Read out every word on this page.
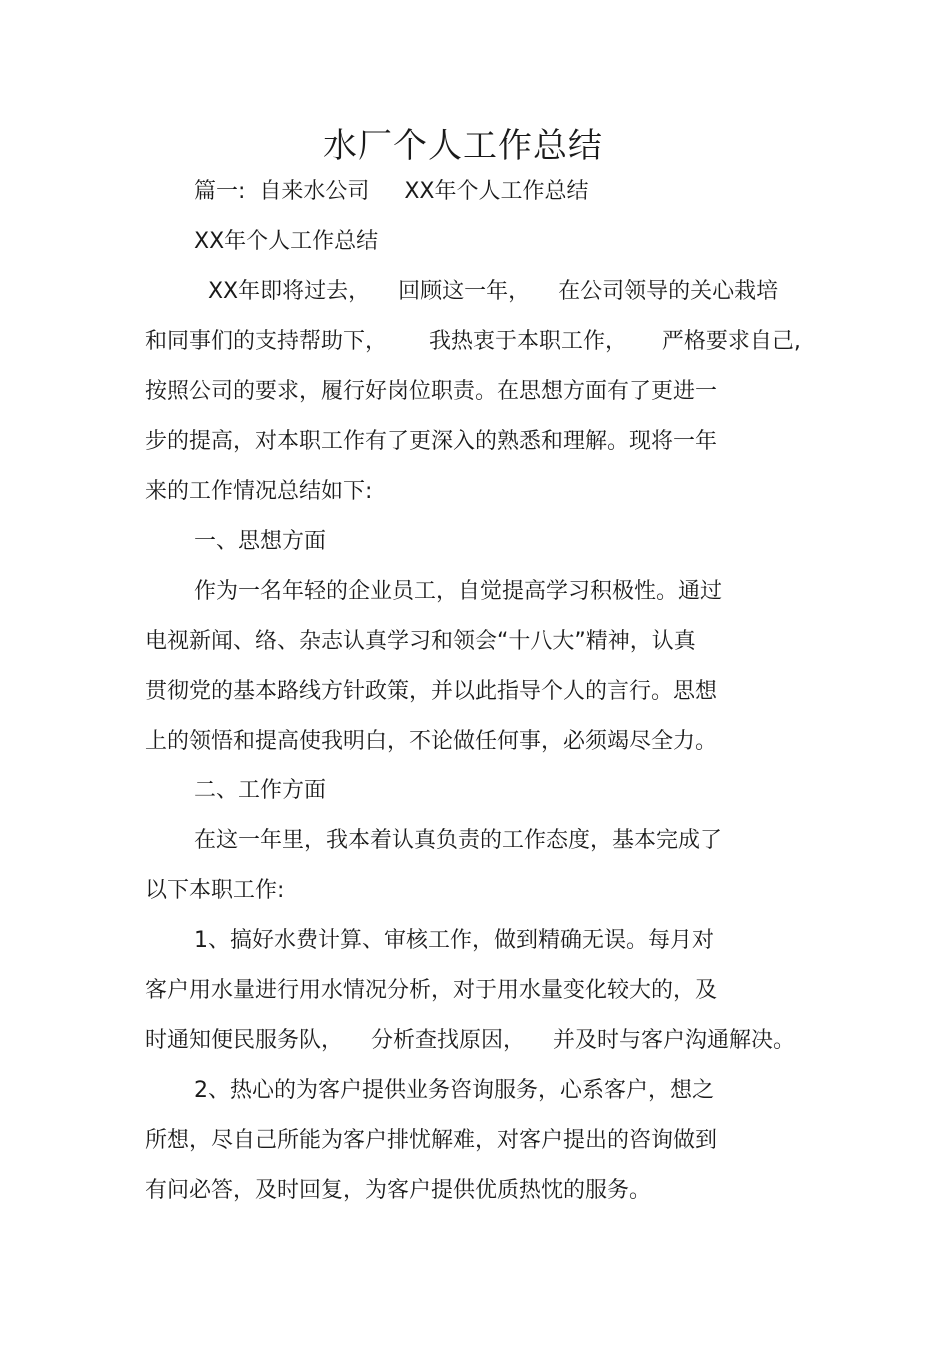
水厂个人工作总结

篇一:  自来水公司     XX年个人工作总结

XX年个人工作总结

XX年即将过去，    回顾这一年，    在公司领导的关心栽培

和同事们的支持帮助下，      我热衷于本职工作，     严格要求自己,

按照公司的要求，履行好岗位职责。在思想方面有了更进一

步的提高，对本职工作有了更深入的熟悉和理解。现将一年

来的工作情况总结如下:

一、思想方面

作为一名年轻的企业员工，自觉提高学习积极性。通过

电视新闻、络、杂志认真学习和领会“十八大”精神，认真

贯彻党的基本路线方针政策，并以此指导个人的言行。思想

上的领悟和提高使我明白，不论做任何事，必须竭尽全力。

二、工作方面

在这一年里，我本着认真负责的工作态度，基本完成了

以下本职工作:

1、搞好水费计算、审核工作，做到精确无误。每月对

客户用水量进行用水情况分析，对于用水量变化较大的，及

时通知便民服务队，    分析查找原因，    并及时与客户沟通解决。

2、热心的为客户提供业务咨询服务，心系客户，想之

所想，尽自己所能为客户排忧解难，对客户提出的咨询做到

有问必答，及时回复，为客户提供优质热忱的服务。
